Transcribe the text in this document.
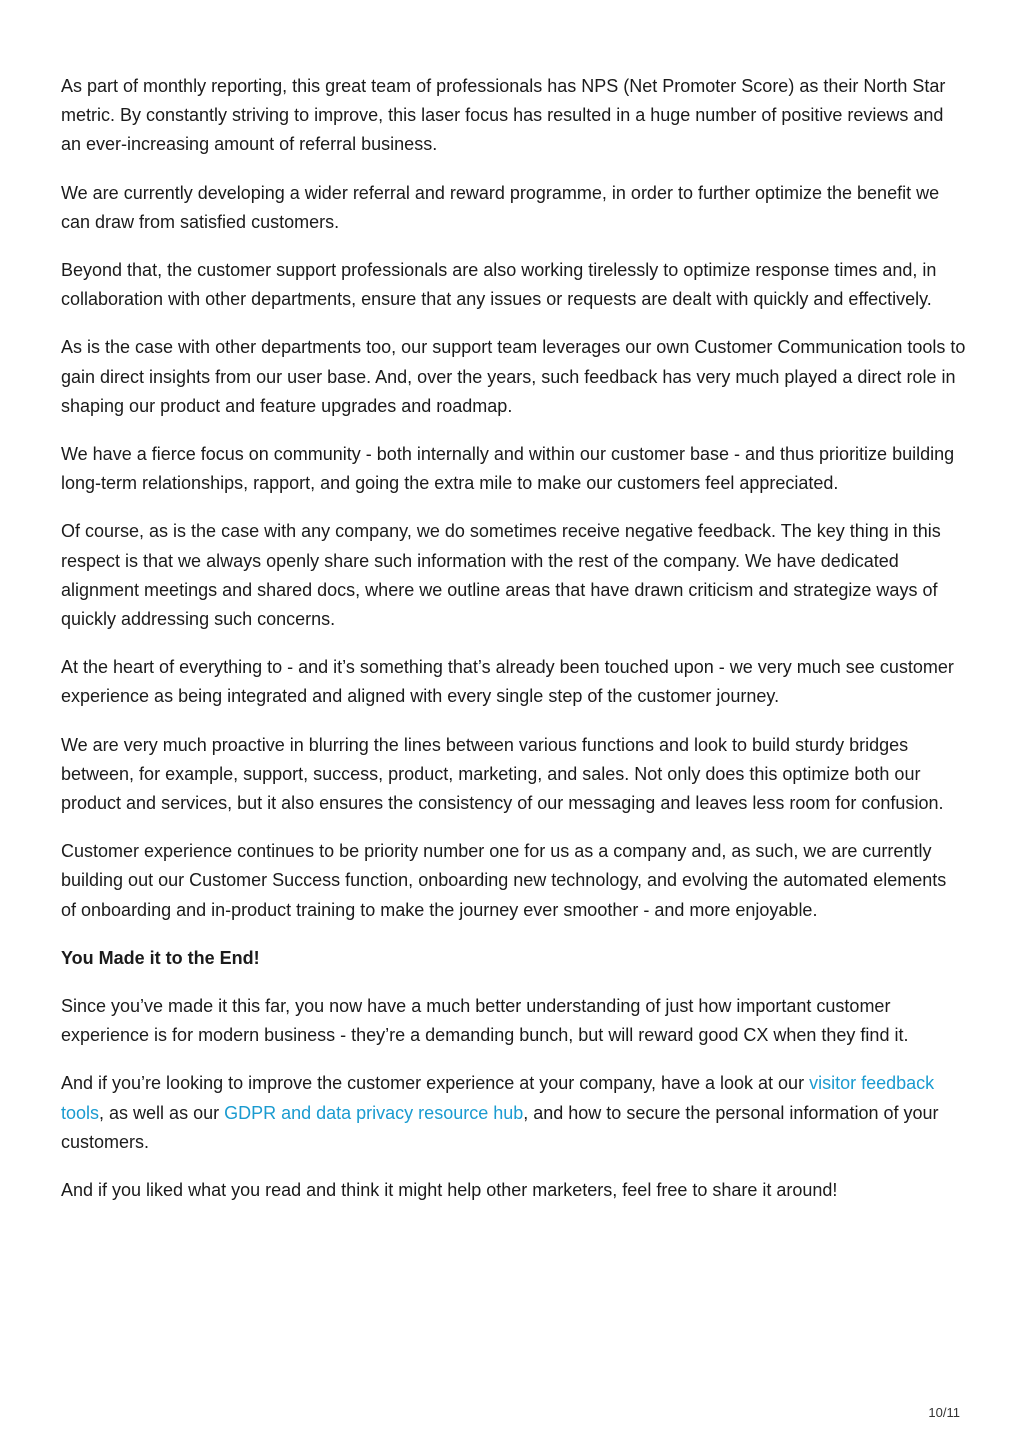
As part of monthly reporting, this great team of professionals has NPS (Net Promoter Score) as their North Star metric. By constantly striving to improve, this laser focus has resulted in a huge number of positive reviews and an ever-increasing amount of referral business.

We are currently developing a wider referral and reward programme, in order to further optimize the benefit we can draw from satisfied customers.

Beyond that, the customer support professionals are also working tirelessly to optimize response times and, in collaboration with other departments, ensure that any issues or requests are dealt with quickly and effectively.

As is the case with other departments too, our support team leverages our own Customer Communication tools to gain direct insights from our user base. And, over the years, such feedback has very much played a direct role in shaping our product and feature upgrades and roadmap.

We have a fierce focus on community - both internally and within our customer base - and thus prioritize building long-term relationships, rapport, and going the extra mile to make our customers feel appreciated.

Of course, as is the case with any company, we do sometimes receive negative feedback. The key thing in this respect is that we always openly share such information with the rest of the company. We have dedicated alignment meetings and shared docs, where we outline areas that have drawn criticism and strategize ways of quickly addressing such concerns.

At the heart of everything to - and it’s something that’s already been touched upon - we very much see customer experience as being integrated and aligned with every single step of the customer journey.

We are very much proactive in blurring the lines between various functions and look to build sturdy bridges between, for example, support, success, product, marketing, and sales. Not only does this optimize both our product and services, but it also ensures the consistency of our messaging and leaves less room for confusion.

Customer experience continues to be priority number one for us as a company and, as such, we are currently building out our Customer Success function, onboarding new technology, and evolving the automated elements of onboarding and in-product training to make the journey ever smoother - and more enjoyable.

You Made it to the End!

Since you’ve made it this far, you now have a much better understanding of just how important customer experience is for modern business - they’re a demanding bunch, but will reward good CX when they find it.

And if you’re looking to improve the customer experience at your company, have a look at our visitor feedback tools, as well as our GDPR and data privacy resource hub, and how to secure the personal information of your customers.

And if you liked what you read and think it might help other marketers, feel free to share it around!

10/11
